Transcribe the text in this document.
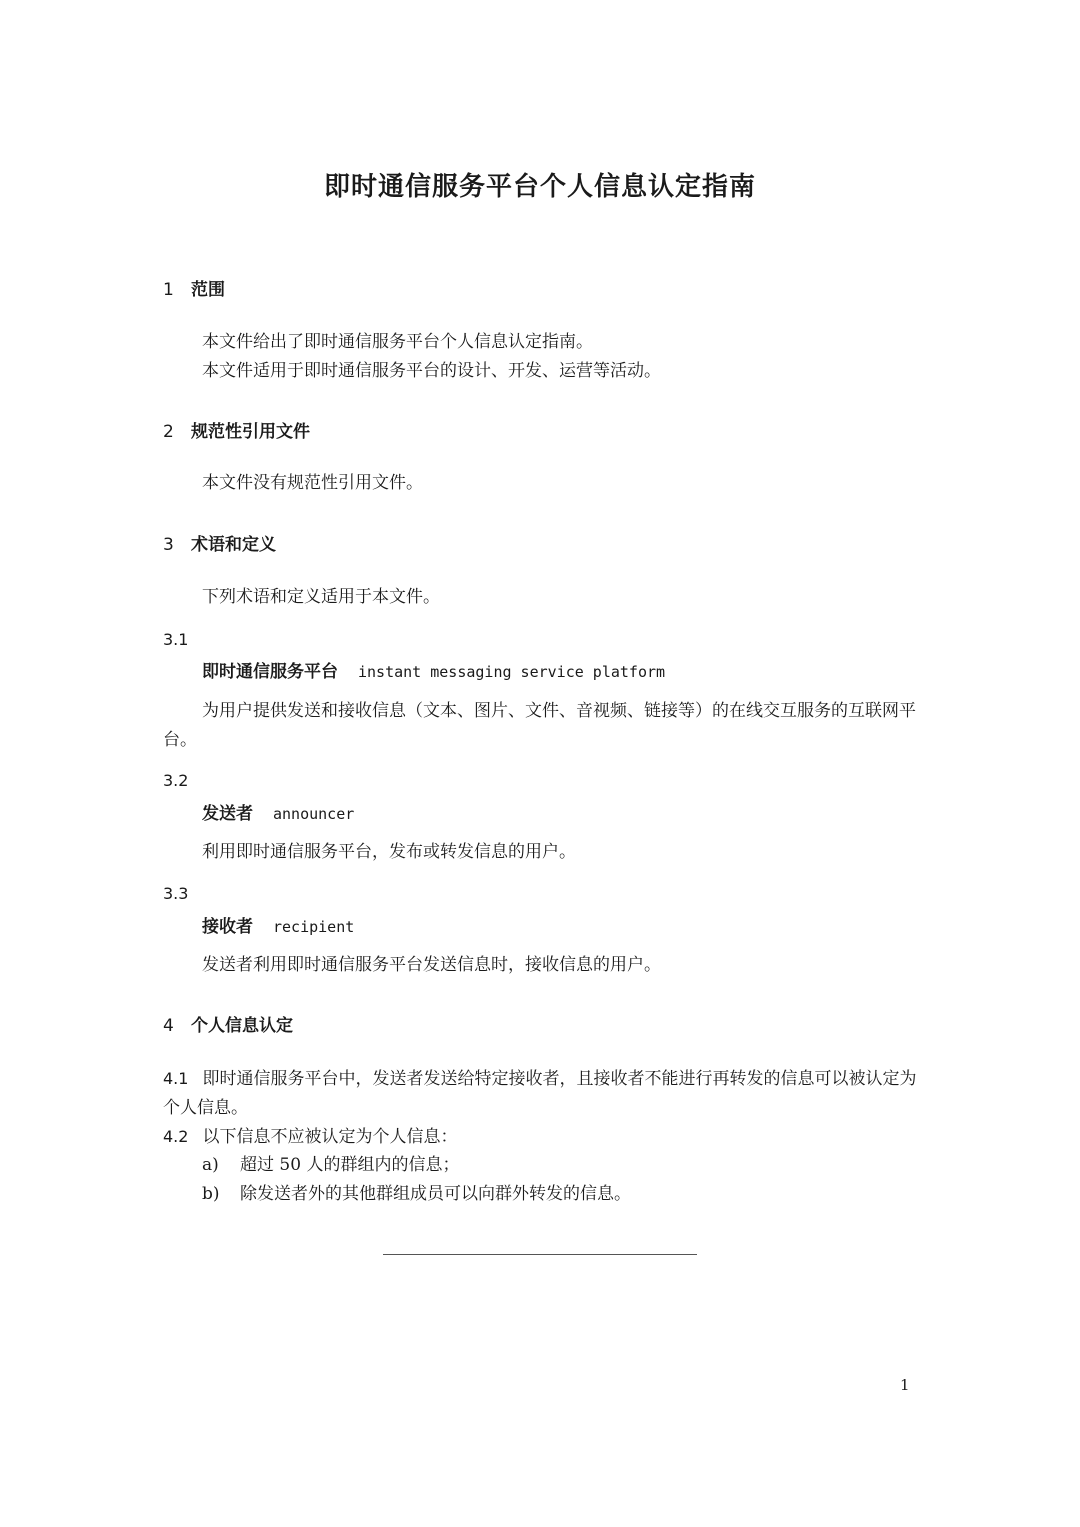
即时通信服务平台个人信息认定指南
1 范围
本文件给出了即时通信服务平台个人信息认定指南。
本文件适用于即时通信服务平台的设计、开发、运营等活动。
2 规范性引用文件
本文件没有规范性引用文件。
3 术语和定义
下列术语和定义适用于本文件。
3.1
即时通信服务平台 instant messaging service platform
为用户提供发送和接收信息（文本、图片、文件、音视频、链接等）的在线交互服务的互联网平台。
3.2
发送者 announcer
利用即时通信服务平台，发布或转发信息的用户。
3.3
接收者 recipient
发送者利用即时通信服务平台发送信息时，接收信息的用户。
4 个人信息认定
4.1 即时通信服务平台中，发送者发送给特定接收者，且接收者不能进行再转发的信息可以被认定为个人信息。
4.2 以下信息不应被认定为个人信息：
a) 超过 50 人的群组内的信息；
b) 除发送者外的其他群组成员可以向群外转发的信息。
1
